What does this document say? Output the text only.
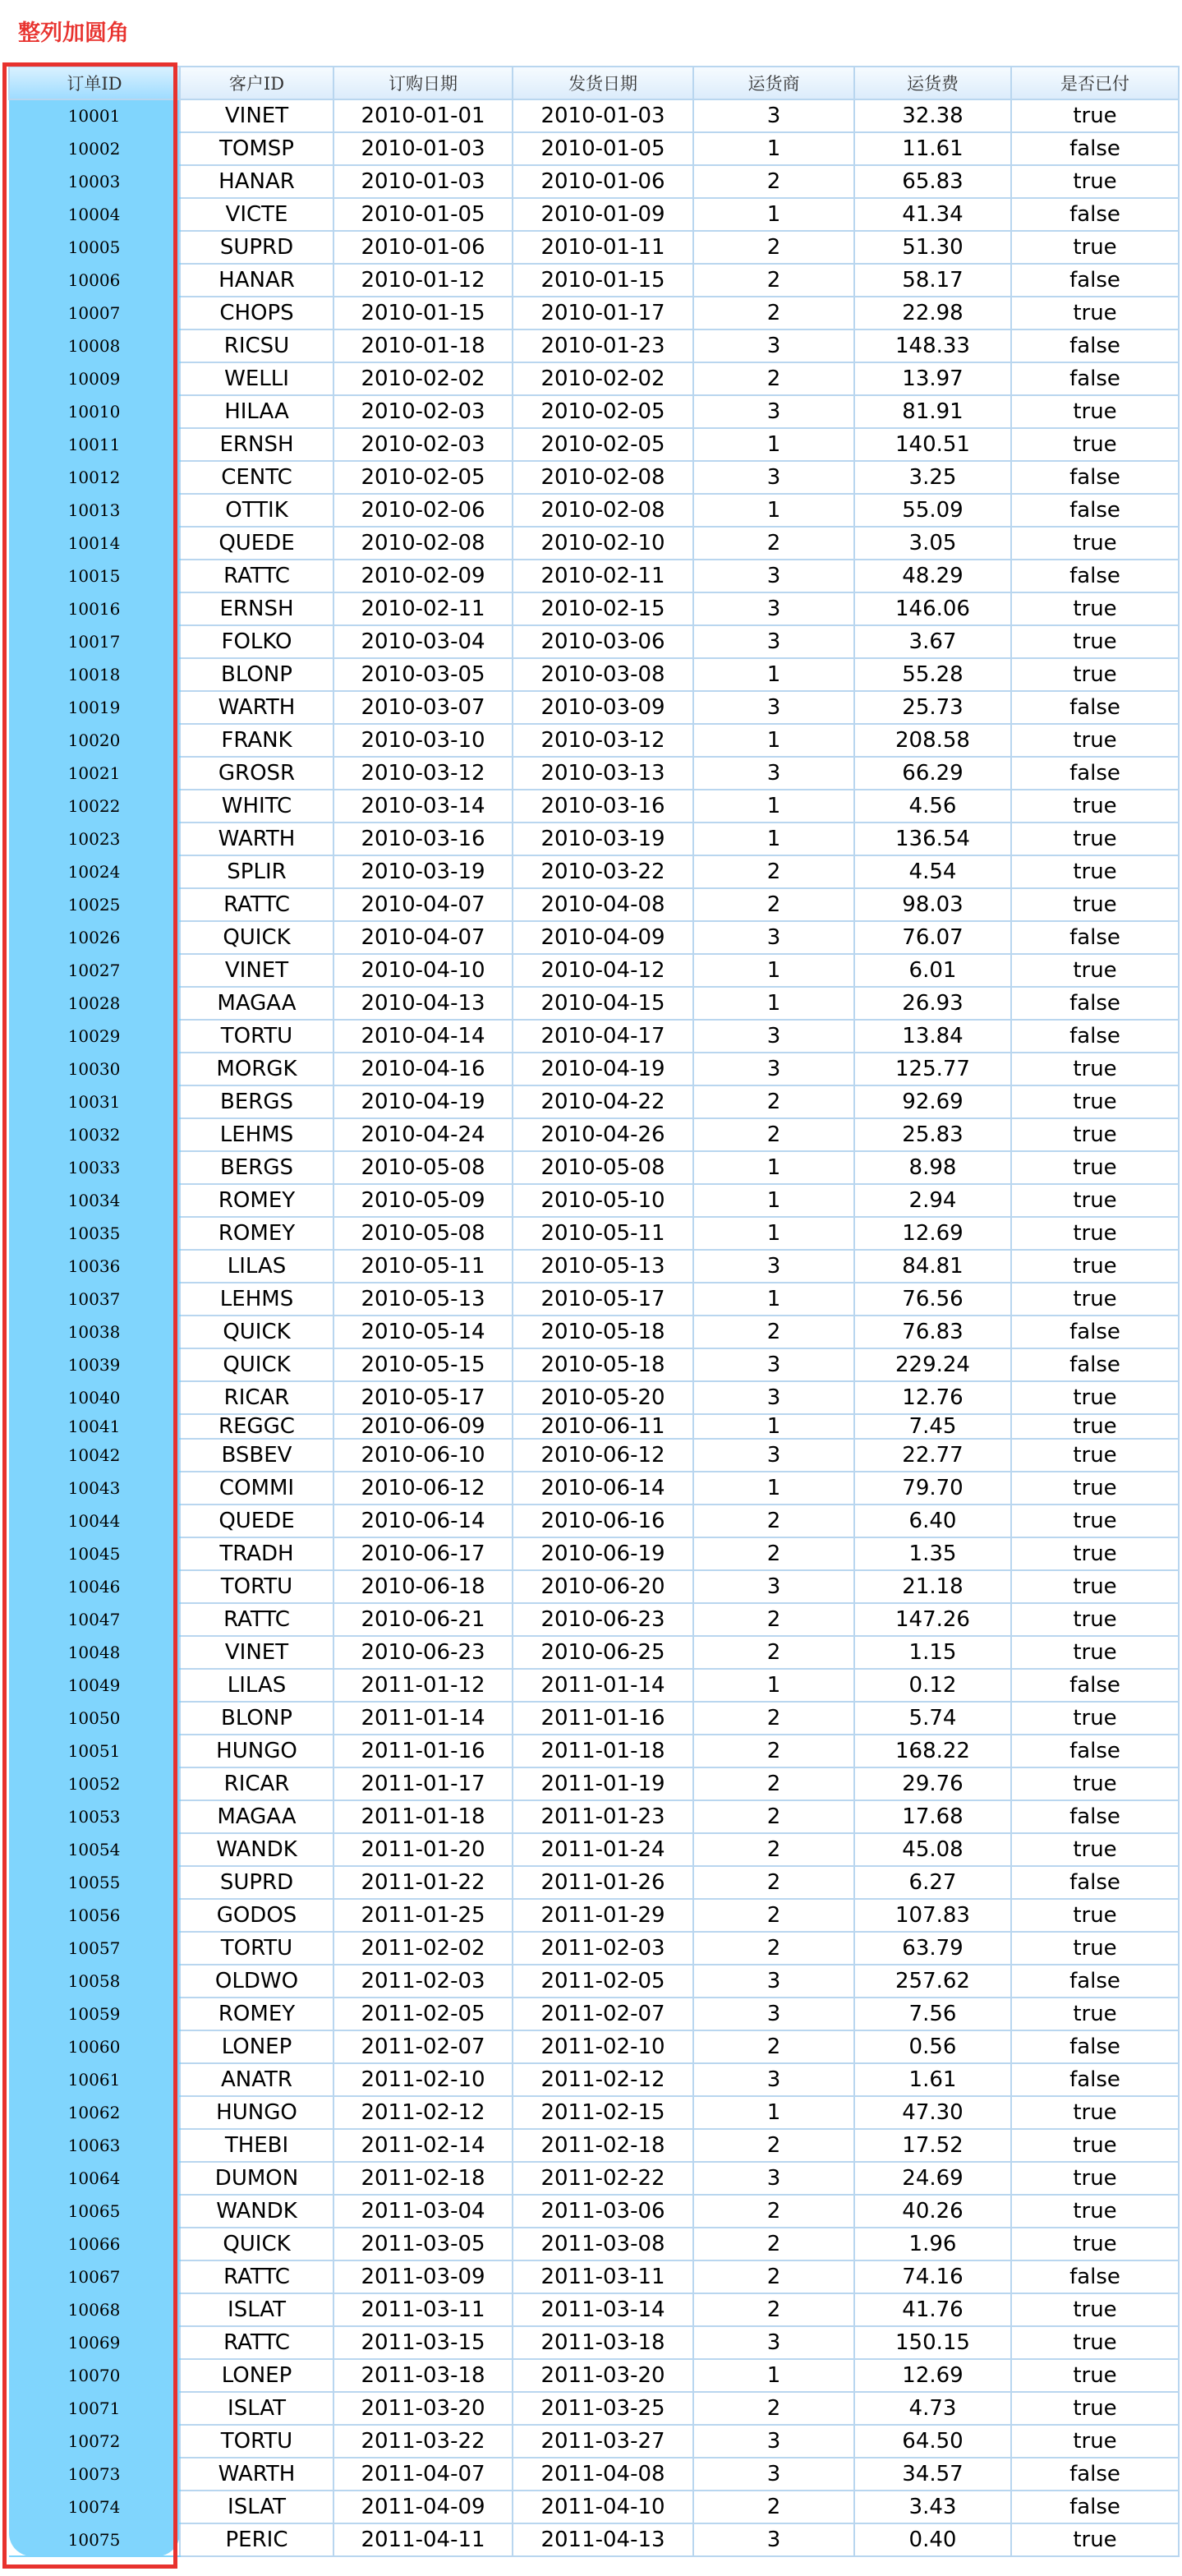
整列加圆角
订单ID	客户ID	订购日期	发货日期	运货商	运货费	是否已付
10001	VINET	2010-01-01	2010-01-03	3	32.38	true
10002	TOMSP	2010-01-03	2010-01-05	1	11.61	false
10003	HANAR	2010-01-03	2010-01-06	2	65.83	true
10004	VICTE	2010-01-05	2010-01-09	1	41.34	false
10005	SUPRD	2010-01-06	2010-01-11	2	51.30	true
10006	HANAR	2010-01-12	2010-01-15	2	58.17	false
10007	CHOPS	2010-01-15	2010-01-17	2	22.98	true
10008	RICSU	2010-01-18	2010-01-23	3	148.33	false
10009	WELLI	2010-02-02	2010-02-02	2	13.97	false
10010	HILAA	2010-02-03	2010-02-05	3	81.91	true
10011	ERNSH	2010-02-03	2010-02-05	1	140.51	true
10012	CENTC	2010-02-05	2010-02-08	3	3.25	false
10013	OTTIK	2010-02-06	2010-02-08	1	55.09	false
10014	QUEDE	2010-02-08	2010-02-10	2	3.05	true
10015	RATTC	2010-02-09	2010-02-11	3	48.29	false
10016	ERNSH	2010-02-11	2010-02-15	3	146.06	true
10017	FOLKO	2010-03-04	2010-03-06	3	3.67	true
10018	BLONP	2010-03-05	2010-03-08	1	55.28	true
10019	WARTH	2010-03-07	2010-03-09	3	25.73	false
10020	FRANK	2010-03-10	2010-03-12	1	208.58	true
10021	GROSR	2010-03-12	2010-03-13	3	66.29	false
10022	WHITC	2010-03-14	2010-03-16	1	4.56	true
10023	WARTH	2010-03-16	2010-03-19	1	136.54	true
10024	SPLIR	2010-03-19	2010-03-22	2	4.54	true
10025	RATTC	2010-04-07	2010-04-08	2	98.03	true
10026	QUICK	2010-04-07	2010-04-09	3	76.07	false
10027	VINET	2010-04-10	2010-04-12	1	6.01	true
10028	MAGAA	2010-04-13	2010-04-15	1	26.93	false
10029	TORTU	2010-04-14	2010-04-17	3	13.84	false
10030	MORGK	2010-04-16	2010-04-19	3	125.77	true
10031	BERGS	2010-04-19	2010-04-22	2	92.69	true
10032	LEHMS	2010-04-24	2010-04-26	2	25.83	true
10033	BERGS	2010-05-08	2010-05-08	1	8.98	true
10034	ROMEY	2010-05-09	2010-05-10	1	2.94	true
10035	ROMEY	2010-05-08	2010-05-11	1	12.69	true
10036	LILAS	2010-05-11	2010-05-13	3	84.81	true
10037	LEHMS	2010-05-13	2010-05-17	1	76.56	true
10038	QUICK	2010-05-14	2010-05-18	2	76.83	false
10039	QUICK	2010-05-15	2010-05-18	3	229.24	false
10040	RICAR	2010-05-17	2010-05-20	3	12.76	true
10041	REGGC	2010-06-09	2010-06-11	1	7.45	true
10042	BSBEV	2010-06-10	2010-06-12	3	22.77	true
10043	COMMI	2010-06-12	2010-06-14	1	79.70	true
10044	QUEDE	2010-06-14	2010-06-16	2	6.40	true
10045	TRADH	2010-06-17	2010-06-19	2	1.35	true
10046	TORTU	2010-06-18	2010-06-20	3	21.18	true
10047	RATTC	2010-06-21	2010-06-23	2	147.26	true
10048	VINET	2010-06-23	2010-06-25	2	1.15	true
10049	LILAS	2011-01-12	2011-01-14	1	0.12	false
10050	BLONP	2011-01-14	2011-01-16	2	5.74	true
10051	HUNGO	2011-01-16	2011-01-18	2	168.22	false
10052	RICAR	2011-01-17	2011-01-19	2	29.76	true
10053	MAGAA	2011-01-18	2011-01-23	2	17.68	false
10054	WANDK	2011-01-20	2011-01-24	2	45.08	true
10055	SUPRD	2011-01-22	2011-01-26	2	6.27	false
10056	GODOS	2011-01-25	2011-01-29	2	107.83	true
10057	TORTU	2011-02-02	2011-02-03	2	63.79	true
10058	OLDWO	2011-02-03	2011-02-05	3	257.62	false
10059	ROMEY	2011-02-05	2011-02-07	3	7.56	true
10060	LONEP	2011-02-07	2011-02-10	2	0.56	false
10061	ANATR	2011-02-10	2011-02-12	3	1.61	false
10062	HUNGO	2011-02-12	2011-02-15	1	47.30	true
10063	THEBI	2011-02-14	2011-02-18	2	17.52	true
10064	DUMON	2011-02-18	2011-02-22	3	24.69	true
10065	WANDK	2011-03-04	2011-03-06	2	40.26	true
10066	QUICK	2011-03-05	2011-03-08	2	1.96	true
10067	RATTC	2011-03-09	2011-03-11	2	74.16	false
10068	ISLAT	2011-03-11	2011-03-14	2	41.76	true
10069	RATTC	2011-03-15	2011-03-18	3	150.15	true
10070	LONEP	2011-03-18	2011-03-20	1	12.69	true
10071	ISLAT	2011-03-20	2011-03-25	2	4.73	true
10072	TORTU	2011-03-22	2011-03-27	3	64.50	true
10073	WARTH	2011-04-07	2011-04-08	3	34.57	false
10074	ISLAT	2011-04-09	2011-04-10	2	3.43	false
10075	PERIC	2011-04-11	2011-04-13	3	0.40	true
